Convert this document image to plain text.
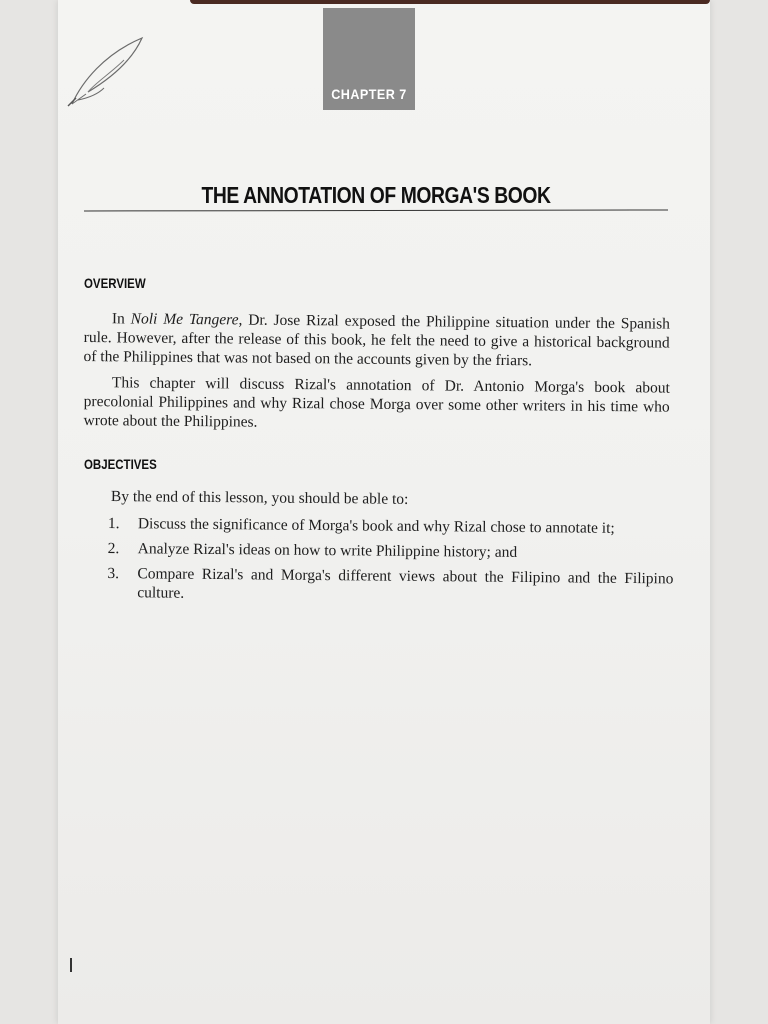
CHAPTER 7
THE ANNOTATION OF MORGA'S BOOK
OVERVIEW
In Noli Me Tangere, Dr. Jose Rizal exposed the Philippine situation under the Spanish rule. However, after the release of this book, he felt the need to give a historical background of the Philippines that was not based on the accounts given by the friars.
This chapter will discuss Rizal's annotation of Dr. Antonio Morga's book about precolonial Philippines and why Rizal chose Morga over some other writers in his time who wrote about the Philippines.
OBJECTIVES
By the end of this lesson, you should be able to:
1. Discuss the significance of Morga's book and why Rizal chose to annotate it;
2. Analyze Rizal's ideas on how to write Philippine history; and
3. Compare Rizal's and Morga's different views about the Filipino and the Filipino culture.
